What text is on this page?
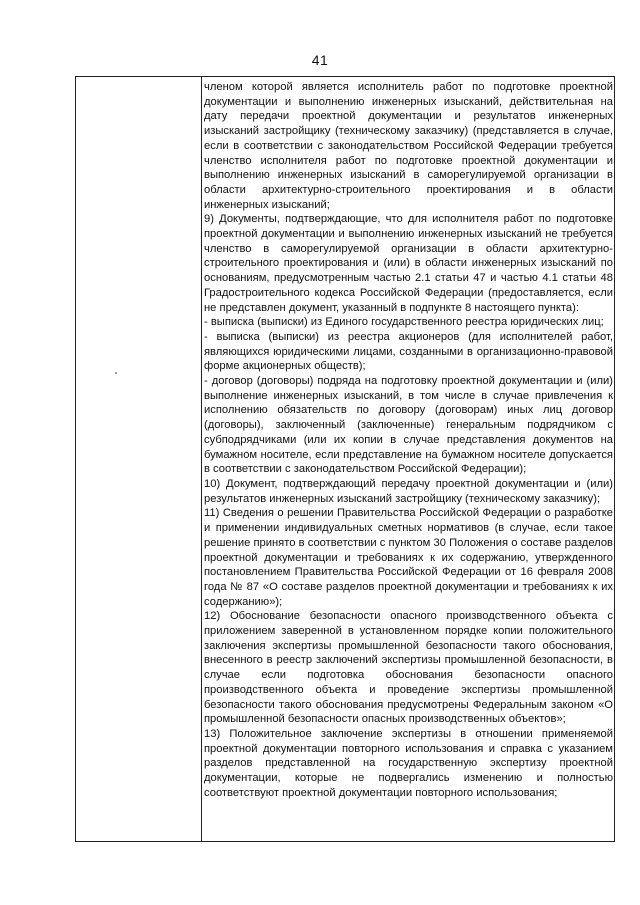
41

членом которой является исполнитель работ по подготовке проектной документации и выполнению инженерных изысканий, действительная на дату передачи проектной документации и результатов инженерных изысканий застройщику (техническому заказчику) (представляется в случае, если в соответствии с законодательством Российской Федерации требуется членство исполнителя работ по подготовке проектной документации и выполнению инженерных изысканий в саморегулируемой организации в области архитектурно-строительного проектирования и в области инженерных изысканий;

9) Документы, подтверждающие, что для исполнителя работ по подготовке проектной документации и выполнению инженерных изысканий не требуется членство в саморегулируемой организации в области архитектурно-строительного проектирования и (или) в области инженерных изысканий по основаниям, предусмотренным частью 2.1 статьи 47 и частью 4.1 статьи 48 Градостроительного кодекса Российской Федерации (предоставляется, если не представлен документ, указанный в подпункте 8 настоящего пункта):

- выписка (выписки) из Единого государственного реестра юридических лиц;

- выписка (выписки) из реестра акционеров (для исполнителей работ, являющихся юридическими лицами, созданными в организационно-правовой форме акционерных обществ);

- договор (договоры) подряда на подготовку проектной документации и (или) выполнение инженерных изысканий, в том числе в случае привлечения к исполнению обязательств по договору (договорам) иных лиц договор (договоры), заключенный (заключенные) генеральным подрядчиком с субподрядчиками (или их копии в случае представления документов на бумажном носителе, если представление на бумажном носителе допускается в соответствии с законодательством Российской Федерации);

10) Документ, подтверждающий передачу проектной документации и (или) результатов инженерных изысканий застройщику (техническому заказчику);

11) Сведения о решении Правительства Российской Федерации о разработке и применении индивидуальных сметных нормативов (в случае, если такое решение принято в соответствии с пунктом 30 Положения о составе разделов проектной документации и требованиях к их содержанию, утвержденного постановлением Правительства Российской Федерации от 16 февраля 2008 года № 87 «О составе разделов проектной документации и требованиях к их содержанию»);

12) Обоснование безопасности опасного производственного объекта с приложением заверенной в установленном порядке копии положительного заключения экспертизы промышленной безопасности такого обоснования, внесенного в реестр заключений экспертизы промышленной безопасности, в случае если подготовка обоснования безопасности опасного производственного объекта и проведение экспертизы промышленной безопасности такого обоснования предусмотрены Федеральным законом «О промышленной безопасности опасных производственных объектов»;

13) Положительное заключение экспертизы в отношении применяемой проектной документации повторного использования и справка с указанием разделов представленной на государственную экспертизу проектной документации, которые не подвергались изменению и полностью соответствуют проектной документации повторного использования;
